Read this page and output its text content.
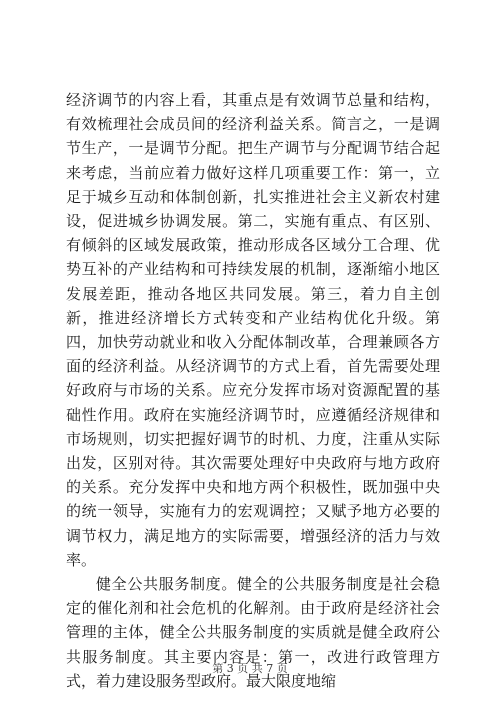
经济调节的内容上看，其重点是有效调节总量和结构，有效梳理社会成员间的经济利益关系。简言之，一是调节生产，一是调节分配。把生产调节与分配调节结合起来考虑，当前应着力做好这样几项重要工作：第一，立足于城乡互动和体制创新，扎实推进社会主义新农村建设，促进城乡协调发展。第二，实施有重点、有区别、有倾斜的区域发展政策，推动形成各区域分工合理、优势互补的产业结构和可持续发展的机制，逐渐缩小地区发展差距，推动各地区共同发展。第三，着力自主创新，推进经济增长方式转变和产业结构优化升级。第四，加快劳动就业和收入分配体制改革，合理兼顾各方面的经济利益。从经济调节的方式上看，首先需要处理好政府与市场的关系。应充分发挥市场对资源配置的基础性作用。政府在实施经济调节时，应遵循经济规律和市场规则，切实把握好调节的时机、力度，注重从实际出发，区别对待。其次需要处理好中央政府与地方政府的关系。充分发挥中央和地方两个积极性，既加强中央的统一领导，实施有力的宏观调控；又赋予地方必要的调节权力，满足地方的实际需要，增强经济的活力与效率。

健全公共服务制度。健全的公共服务制度是社会稳定的催化剂和社会危机的化解剂。由于政府是经济社会管理的主体，健全公共服务制度的实质就是健全政府公共服务制度。其主要内容是：第一，改进行政管理方式，着力建设服务型政府。最大限度地缩

第 3 页 共 7 页
